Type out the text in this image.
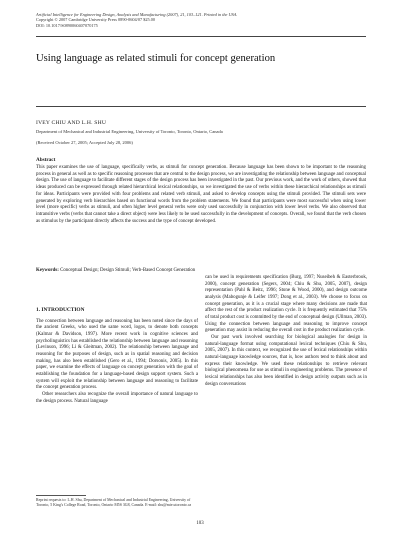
Artificial Intelligence for Engineering Design, Analysis and Manufacturing (2007), 21, 103–121. Printed in the USA.
Copyright © 2007 Cambridge University Press 0890-0604/07 $25.00
DOI: 10.1017/S0890060407070175
Using language as related stimuli for concept generation
IVEY CHIU AND L.H. SHU
Department of Mechanical and Industrial Engineering, University of Toronto, Toronto, Ontario, Canada
(Received October 27, 2005; Accepted July 28, 2006)
Abstract
This paper examines the use of language, specifically verbs, as stimuli for concept generation. Because language has been shown to be important to the reasoning process in general as well as to specific reasoning processes that are central to the design process, we are investigating the relationship between language and conceptual design. The use of language to facilitate different stages of the design process has been investigated in the past. Our previous work, and the work of others, showed that ideas produced can be expressed through related hierarchical lexical relationships, so we investigated the use of verbs within these hierarchical relationships as stimuli for ideas. Participants were provided with four problems and related verb stimuli, and asked to develop concepts using the stimuli provided. The stimuli sets were generated by exploring verb hierarchies based on functional words from the problem statements. We found that participants were most successful when using lower level (more specific) verbs as stimuli, and often higher level general verbs were only used successfully in conjunction with lower level verbs. We also observed that intransitive verbs (verbs that cannot take a direct object) were less likely to be used successfully in the development of concepts. Overall, we found that the verb chosen as stimulus by the participant directly affects the success and the type of concept developed.
Keywords: Conceptual Design; Design Stimuli; Verb-Based Concept Generation
1. INTRODUCTION

The connection between language and reasoning has been noted since the days of the ancient Greeks, who used the same word, logos, to denote both concepts (Kalmar & Davidson, 1997). More recent work in cognitive sciences and psycholinguistics has established the relationship between language and reasoning (Levinson, 1996; Li & Gleitman, 2002). The relationship between language and reasoning for the purposes of design, such as in spatial reasoning and decision making, has also been established (Gero et al., 1994; Dorsonis, 2005). In this paper, we examine the effects of language on concept generation with the goal of establishing the foundation for a language-based design support system. Such a system will exploit the relationship between language and reasoning to facilitate the concept generation process.

Other researchers also recognize the overall importance of natural language to the design process. Natural language

can be used in requirements specification (Burg, 1997; Nuseibeh & Easterbrook, 2000), concept generation (Segers, 2004; Chiu & Shu, 2005, 2007), design representation (Pahl & Beitz, 1996; Stone & Wood, 2000), and design outcome analysis (Mabogunje & Leifer 1997; Dong et al., 2003). We choose to focus on concept generation, as it is a crucial stage where many decisions are made that affect the rest of the product realization cycle. It is frequently estimated that 75% of total product cost is committed by the end of conceptual design (Ullman, 2003). Using the connection between language and reasoning to improve concept generation may assist in reducing the overall cost in the product realization cycle.

Our past work involved searching for biological analogies for design in natural-language format using computational lexical techniques (Chiu & Shu, 2005, 2007). In this context, we recognized the use of lexical relationships within natural-language knowledge sources, that is, how authors tend to think about and express their knowledge. We used these relationships to retrieve relevant biological phenomena for use as stimuli in engineering problems. The presence of lexical relationships has also been identified in design activity outputs such as in design conversations

Reprint requests to: L.H. Shu, Department of Mechanical and Industrial Engineering, University of Toronto, 5 King's College Road, Toronto, Ontario M5S 3G8, Canada. E-mail: shu@mie.utoronto.ca
103
